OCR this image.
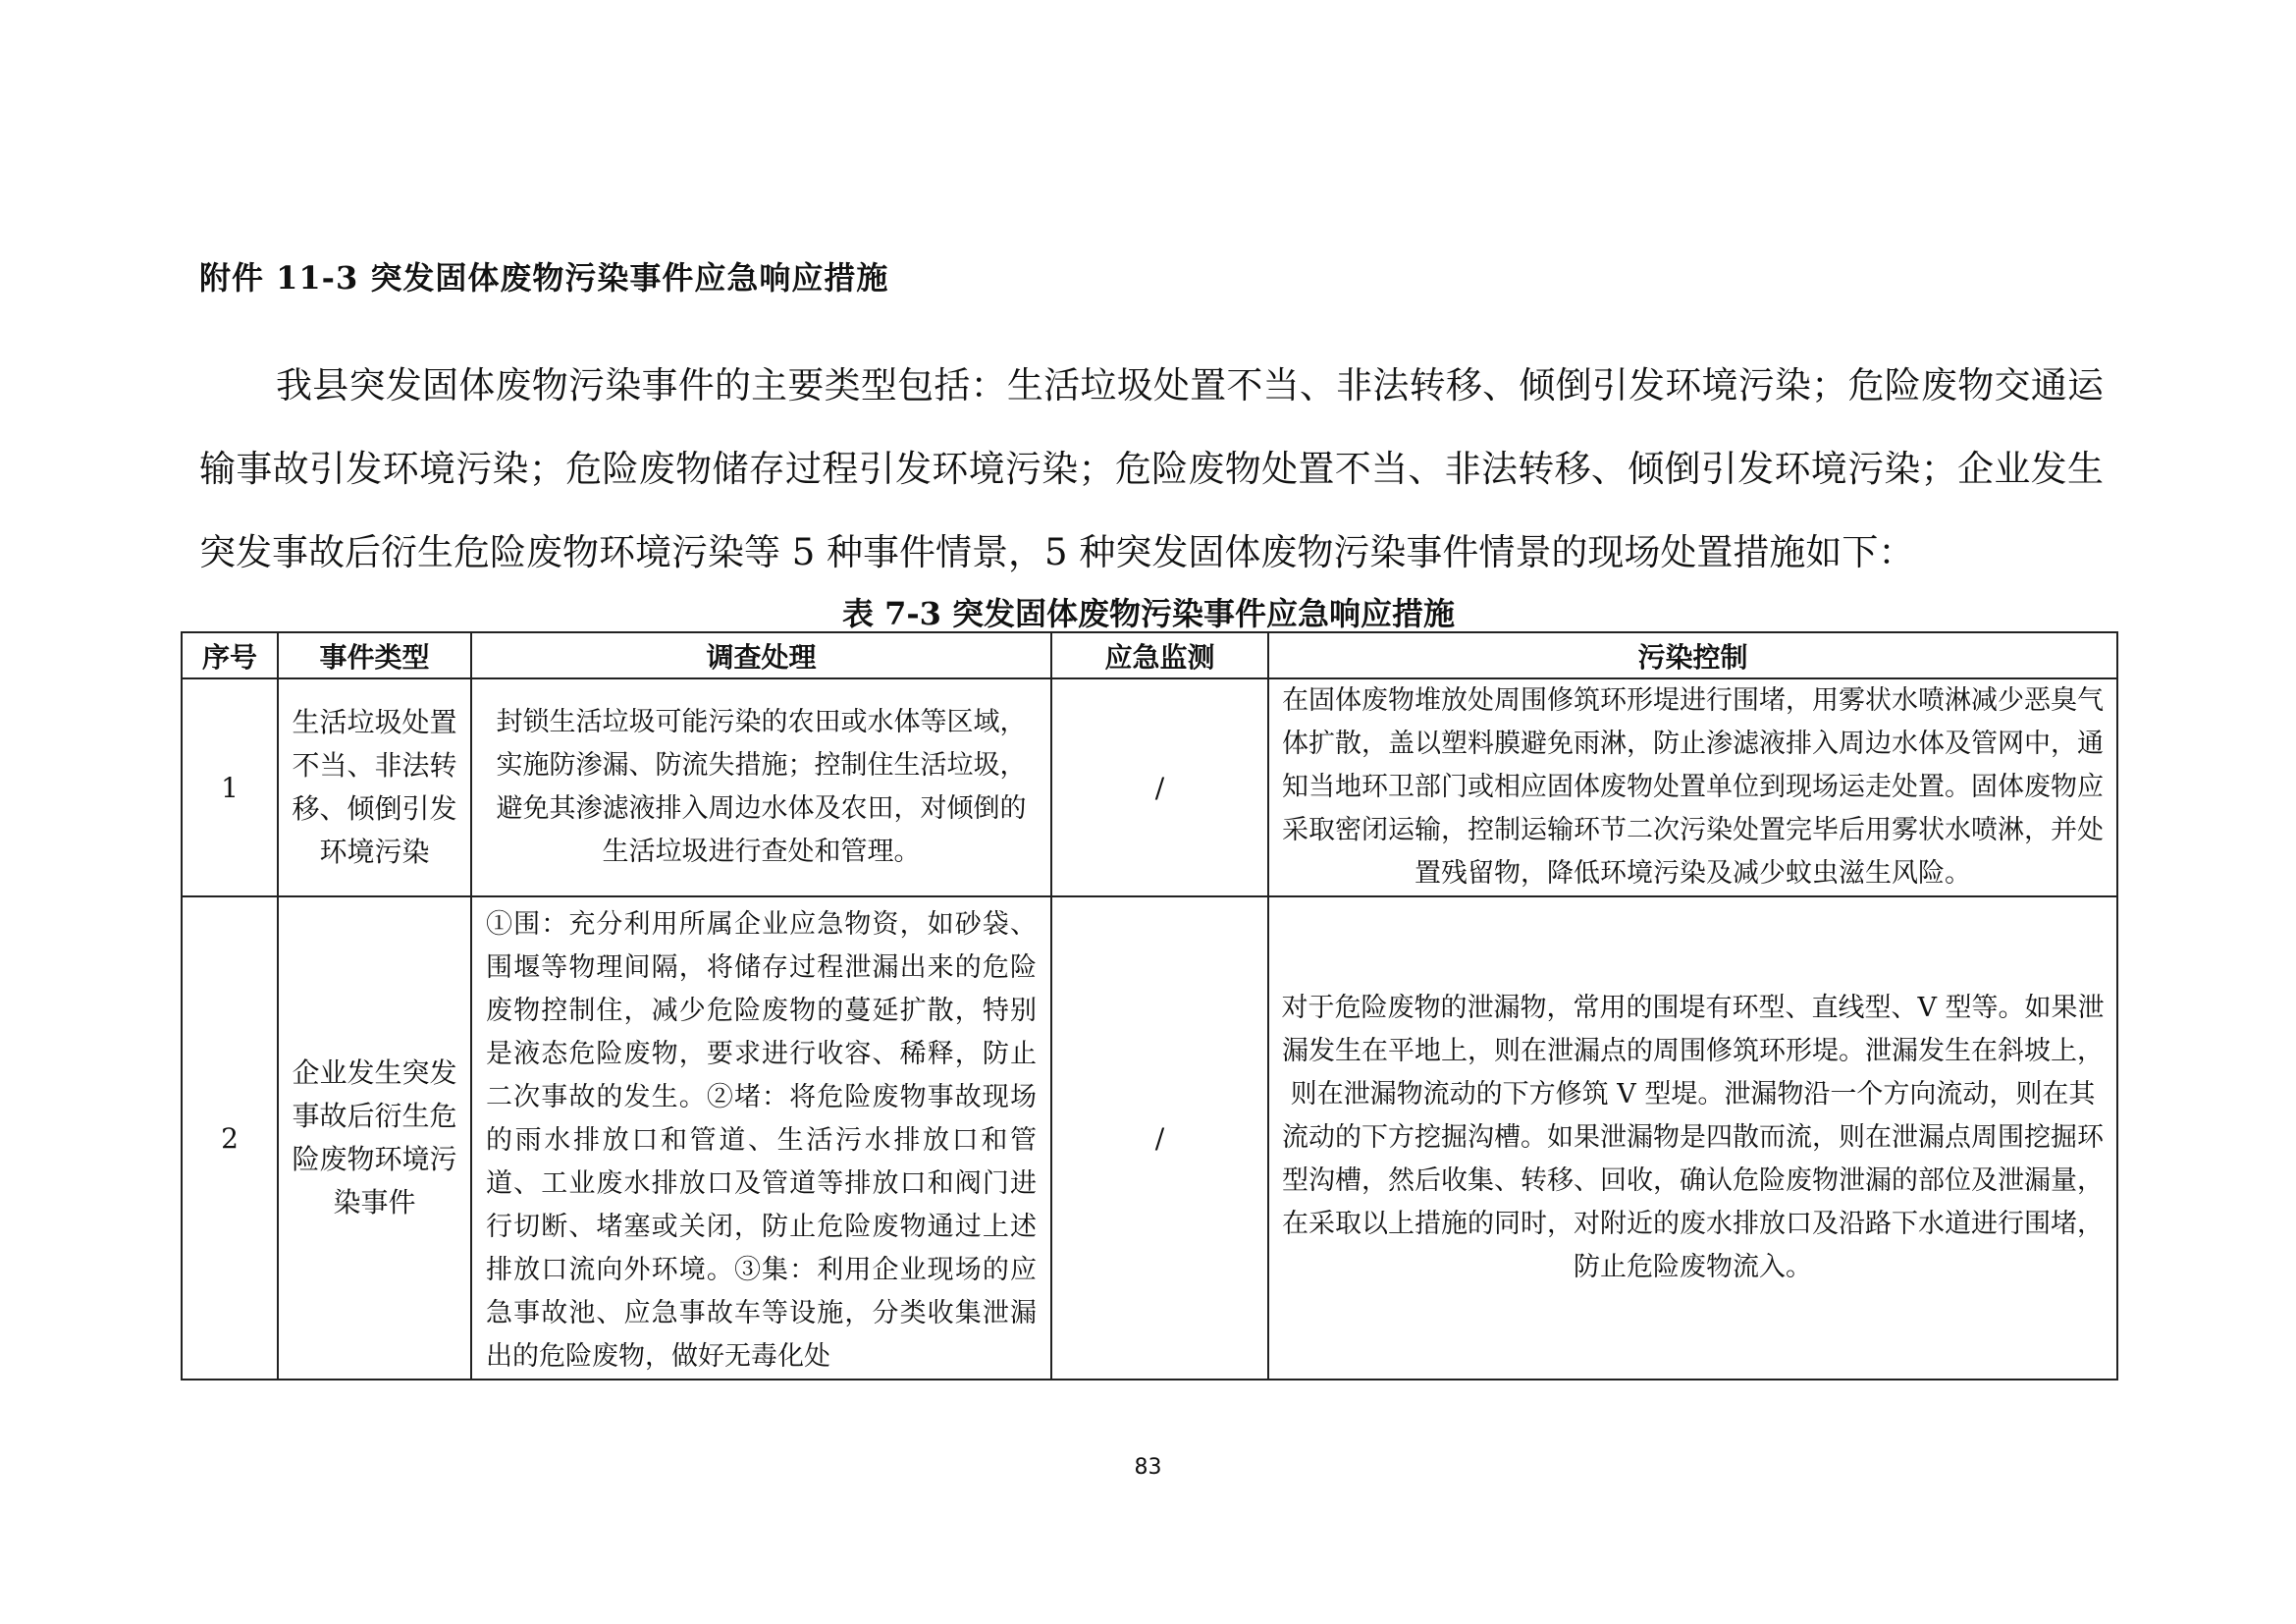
附件 11-3 突发固体废物污染事件应急响应措施
我县突发固体废物污染事件的主要类型包括：生活垃圾处置不当、非法转移、倾倒引发环境污染；危险废物交通运输事故引发环境污染；危险废物储存过程引发环境污染；危险废物处置不当、非法转移、倾倒引发环境污染；企业发生突发事故后衍生危险废物环境污染等 5 种事件情景，5 种突发固体废物污染事件情景的现场处置措施如下：
表 7-3 突发固体废物污染事件应急响应措施
序号	事件类型	调查处理	应急监测	污染控制
1	生活垃圾处置不当、非法转移、倾倒引发环境污染	封锁生活垃圾可能污染的农田或水体等区域，实施防渗漏、防流失措施；控制住生活垃圾，避免其渗滤液排入周边水体及农田，对倾倒的生活垃圾进行查处和管理。	/	在固体废物堆放处周围修筑环形堤进行围堵，用雾状水喷淋减少恶臭气体扩散，盖以塑料膜避免雨淋，防止渗滤液排入周边水体及管网中，通知当地环卫部门或相应固体废物处置单位到现场运走处置。固体废物应采取密闭运输，控制运输环节二次污染处置完毕后用雾状水喷淋，并处置残留物，降低环境污染及减少蚊虫滋生风险。
2	企业发生突发事故后衍生危险废物环境污染事件	①围：充分利用所属企业应急物资，如砂袋、围堰等物理间隔，将储存过程泄漏出来的危险废物控制住，减少危险废物的蔓延扩散，特别是液态危险废物，要求进行收容、稀释，防止二次事故的发生。②堵：将危险废物事故现场的雨水排放口和管道、生活污水排放口和管道、工业废水排放口及管道等排放口和阀门进行切断、堵塞或关闭，防止危险废物通过上述排放口流向外环境。③集：利用企业现场的应急事故池、应急事故车等设施，分类收集泄漏出的危险废物，做好无毒化处	/	对于危险废物的泄漏物，常用的围堤有环型、直线型、V 型等。如果泄漏发生在平地上，则在泄漏点的周围修筑环形堤。泄漏发生在斜坡上，则在泄漏物流动的下方修筑 V 型堤。泄漏物沿一个方向流动，则在其流动的下方挖掘沟槽。如果泄漏物是四散而流，则在泄漏点周围挖掘环型沟槽，然后收集、转移、回收，确认危险废物泄漏的部位及泄漏量，在采取以上措施的同时，对附近的废水排放口及沿路下水道进行围堵，防止危险废物流入。
83
